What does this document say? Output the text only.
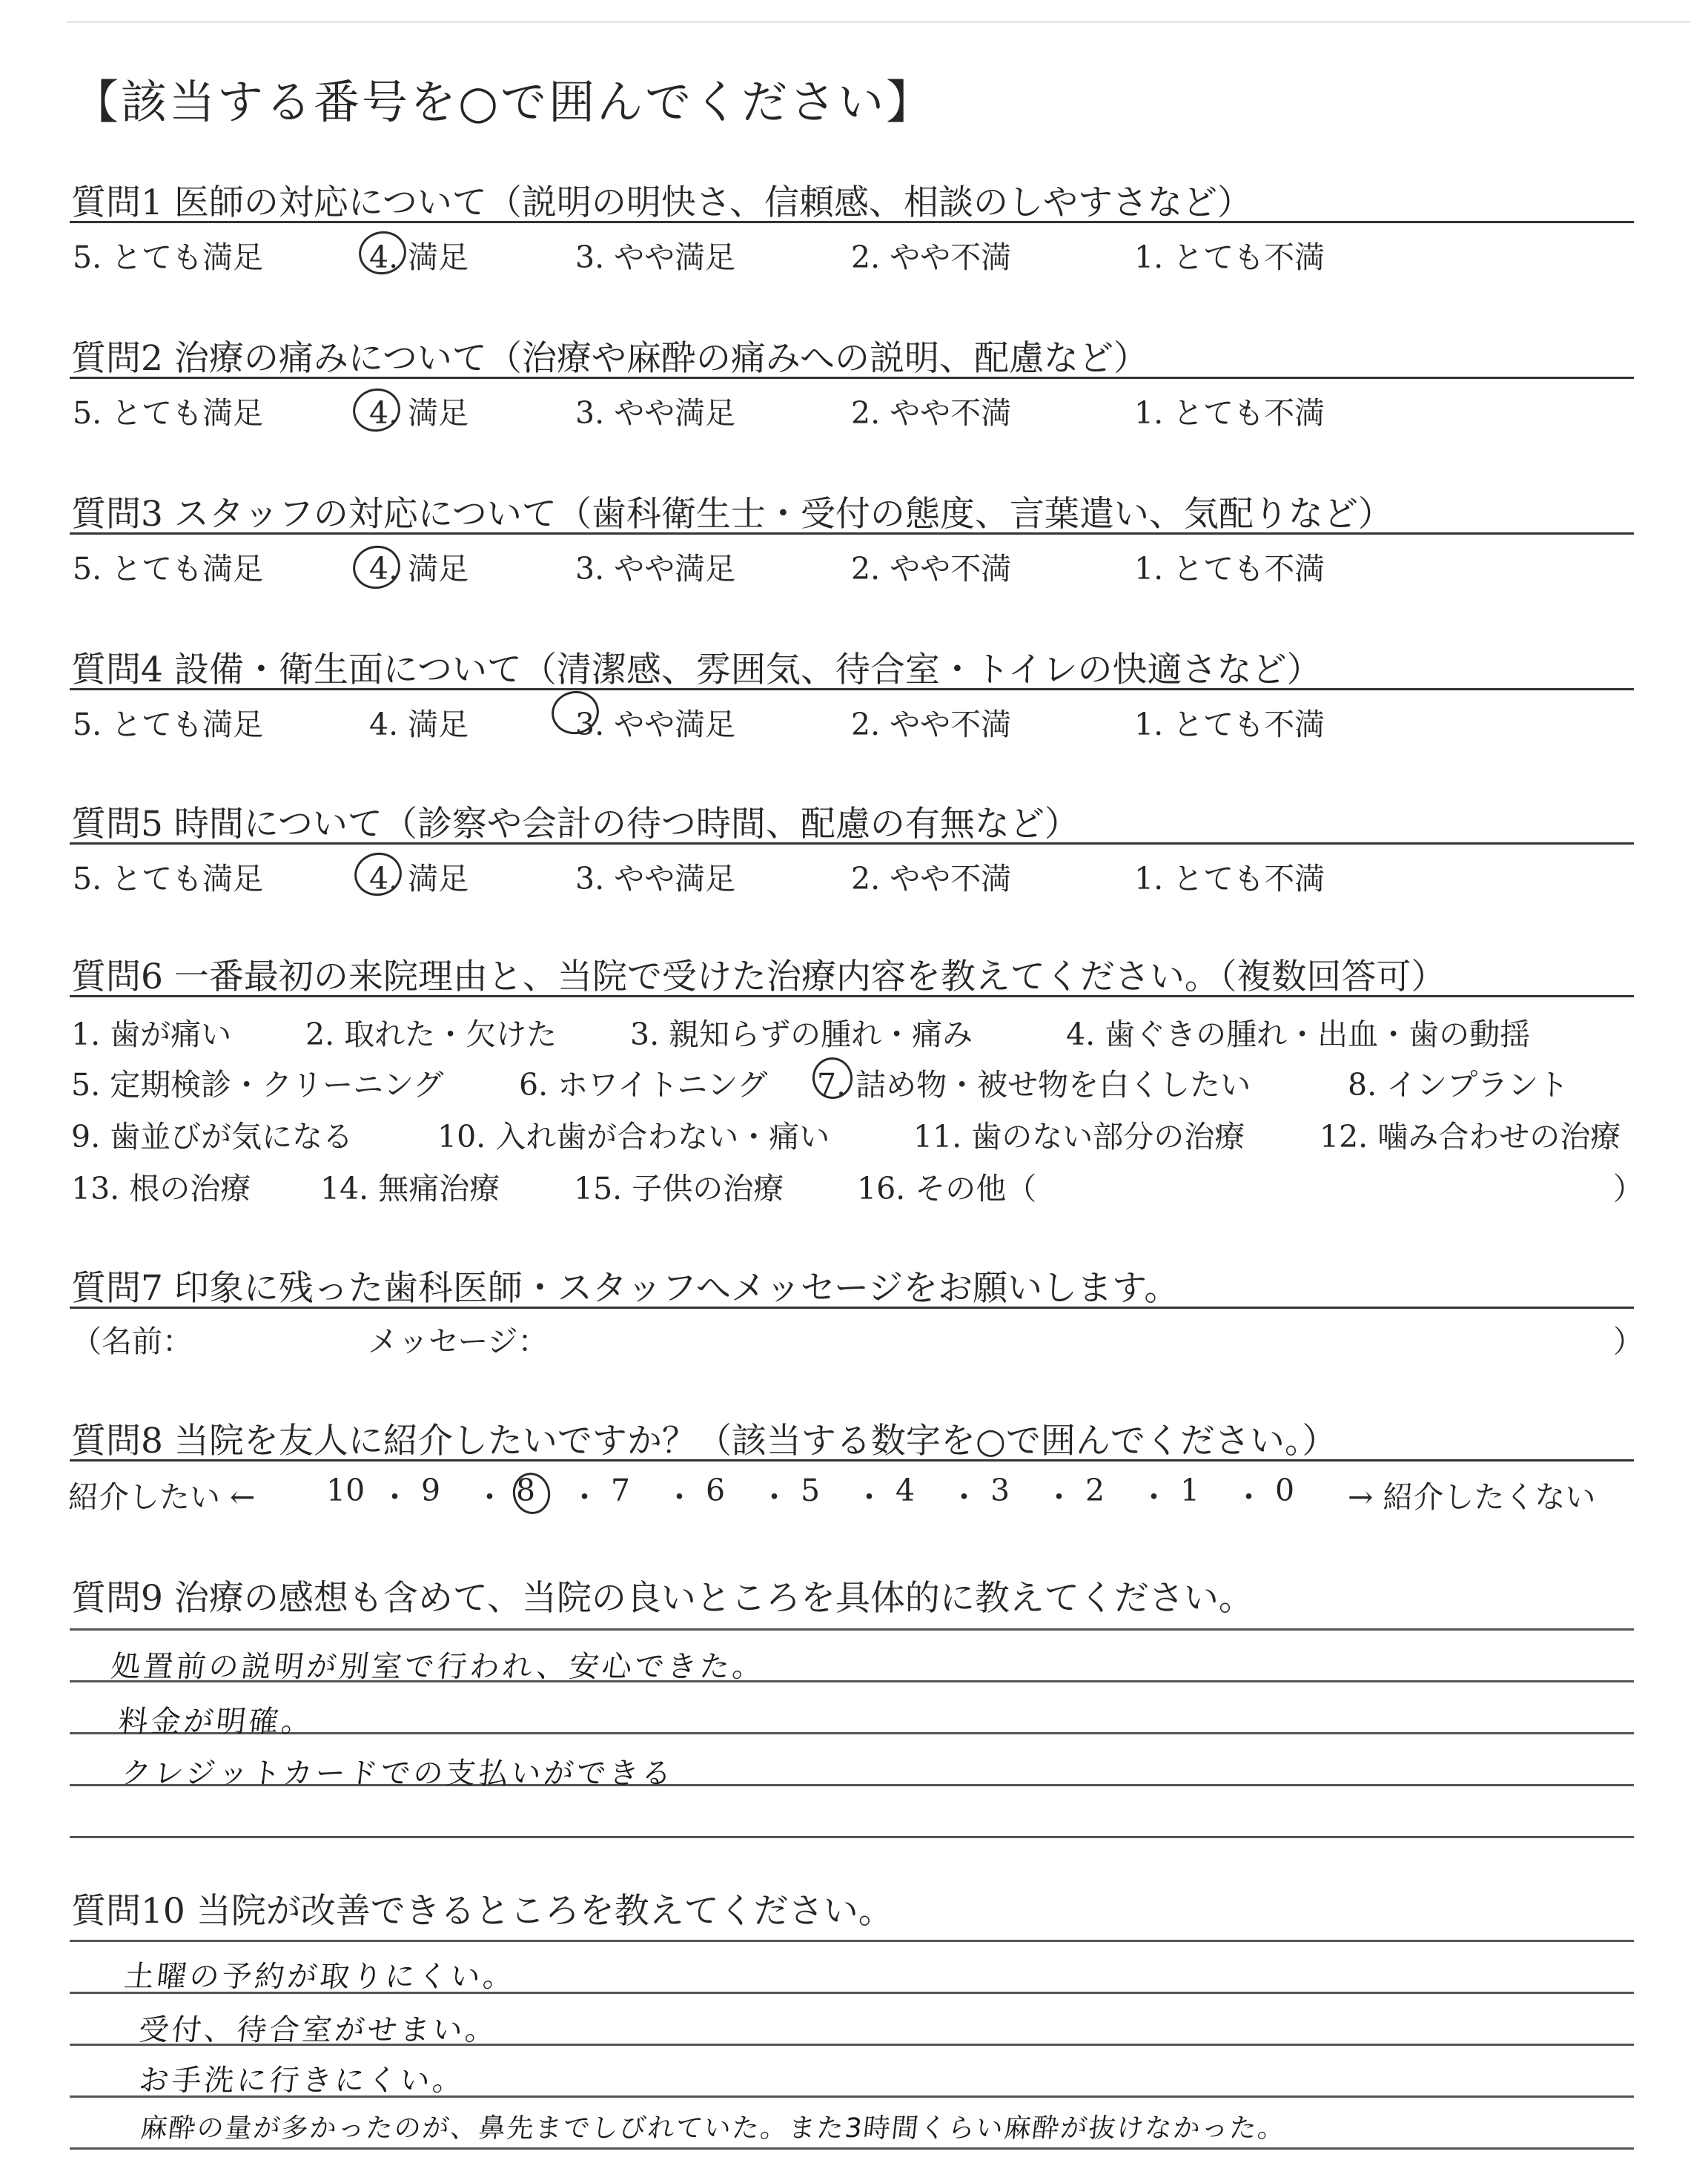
【該当する番号を○で囲んでください】
質問1 医師の対応について（説明の明快さ、信頼感、相談のしやすさなど）
5. とても満足	4. 満足	3. やや満足	2. やや不満	1. とても不満
質問2 治療の痛みについて（治療や麻酔の痛みへの説明、配慮など）
5. とても満足	4. 満足	3. やや満足	2. やや不満	1. とても不満
質問3 スタッフの対応について（歯科衛生士・受付の態度、言葉遣い、気配りなど）
5. とても満足	4. 満足	3. やや満足	2. やや不満	1. とても不満
質問4 設備・衛生面について（清潔感、雰囲気、待合室・トイレの快適さなど）
5. とても満足	4. 満足	3. やや満足	2. やや不満	1. とても不満
質問5 時間について（診察や会計の待つ時間、配慮の有無など）
5. とても満足	4. 満足	3. やや満足	2. やや不満	1. とても不満
質問6 一番最初の来院理由と、当院で受けた治療内容を教えてください。（複数回答可）
1. 歯が痛い 2. 取れた・欠けた 3. 親知らずの腫れ・痛み	4. 歯ぐきの腫れ・出血・歯の動揺
5. 定期検診・クリーニング 6. ホワイトニング 7. 詰め物・被せ物を白くしたい	8. インプラント
9. 歯並びが気になる	10. 入れ歯が合わない・痛い	11. 歯のない部分の治療 12. 噛み合わせの治療
13. 根の治療 14. 無痛治療 15. 子供の治療 16. その他（	）
質問7 印象に残った歯科医師・スタッフへメッセージをお願いします。
（名前：	メッセージ：	）
質問8 当院を友人に紹介したいですか？（該当する数字を○で囲んでください。）
紹介したい ← 10 ・ 9 ・ 8 ・ 7 ・ 6 ・ 5 ・ 4 ・ 3 ・ 2 ・ 1 ・ 0 → 紹介したくない
質問9 治療の感想も含めて、当院の良いところを具体的に教えてください。
処置前の説明が別室で行われ、安心できた。
料金が明確。
クレジットカードでの支払いができる
質問10 当院が改善できるところを教えてください。
土曜の予約が取りにくい。
受付、待合室がせまい。
お手洗に行きにくい。
麻酔の量が多かったのが、鼻先までしびれていた。また3時間くらい麻酔が抜けなかった。
